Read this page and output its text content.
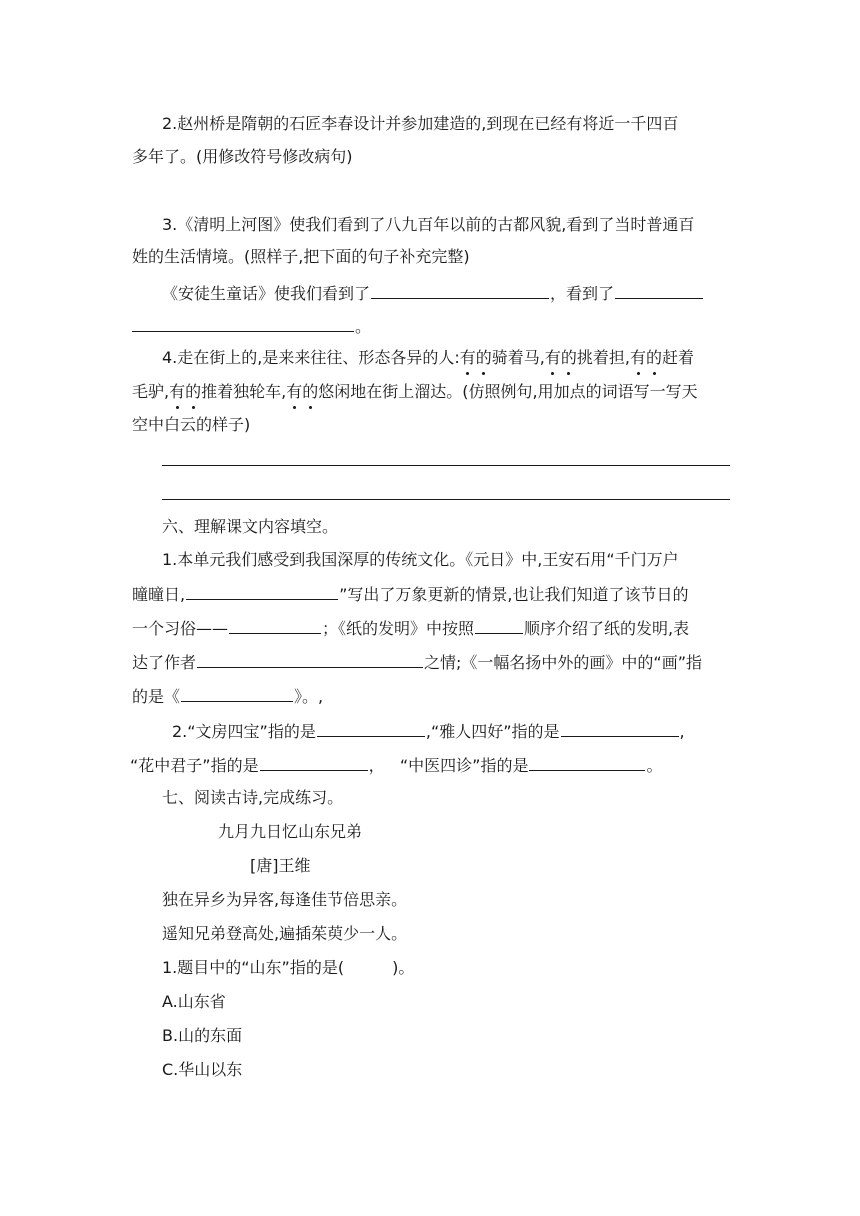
2.赵州桥是隋朝的石匠李春设计并参加建造的,到现在已经有将近一千四百
多年了。(用修改符号修改病句)
3.《清明上河图》使我们看到了八九百年以前的古都风貌,看到了当时普通百
姓的生活情境。(照样子,把下面的句子补充完整)
《安徒生童话》使我们看到了	，看到了
。
4.走在街上的,是来来往往、形态各异的人:有的骑着马,有的挑着担,有的赶着
毛驴,有的推着独轮车,有的悠闲地在街上溜达。(仿照例句,用加点的词语写一写天
空中白云的样子)
六、理解课文内容填空。
1.本单元我们感受到我国深厚的传统文化。《元日》中,王安石用“千门万户
曈曈日,	”写出了万象更新的情景,也让我们知道了该节日的
一个习俗——	；《纸的发明》中按照	顺序介绍了纸的发明,表
达了作者	之情;《一幅名扬中外的画》中的“画”指
的是《	》。,
2.“文房四宝”指的是	,“雅人四好”指的是	,
“花中君子”指的是	， “中医四诊”指的是	。
七、阅读古诗,完成练习。
九月九日忆山东兄弟
[唐]王维
独在异乡为异客,每逢佳节倍思亲。
遥知兄弟登高处,遍插茱萸少一人。
1.题目中的“山东”指的是(　　　)。
A.山东省
B.山的东面
C.华山以东
